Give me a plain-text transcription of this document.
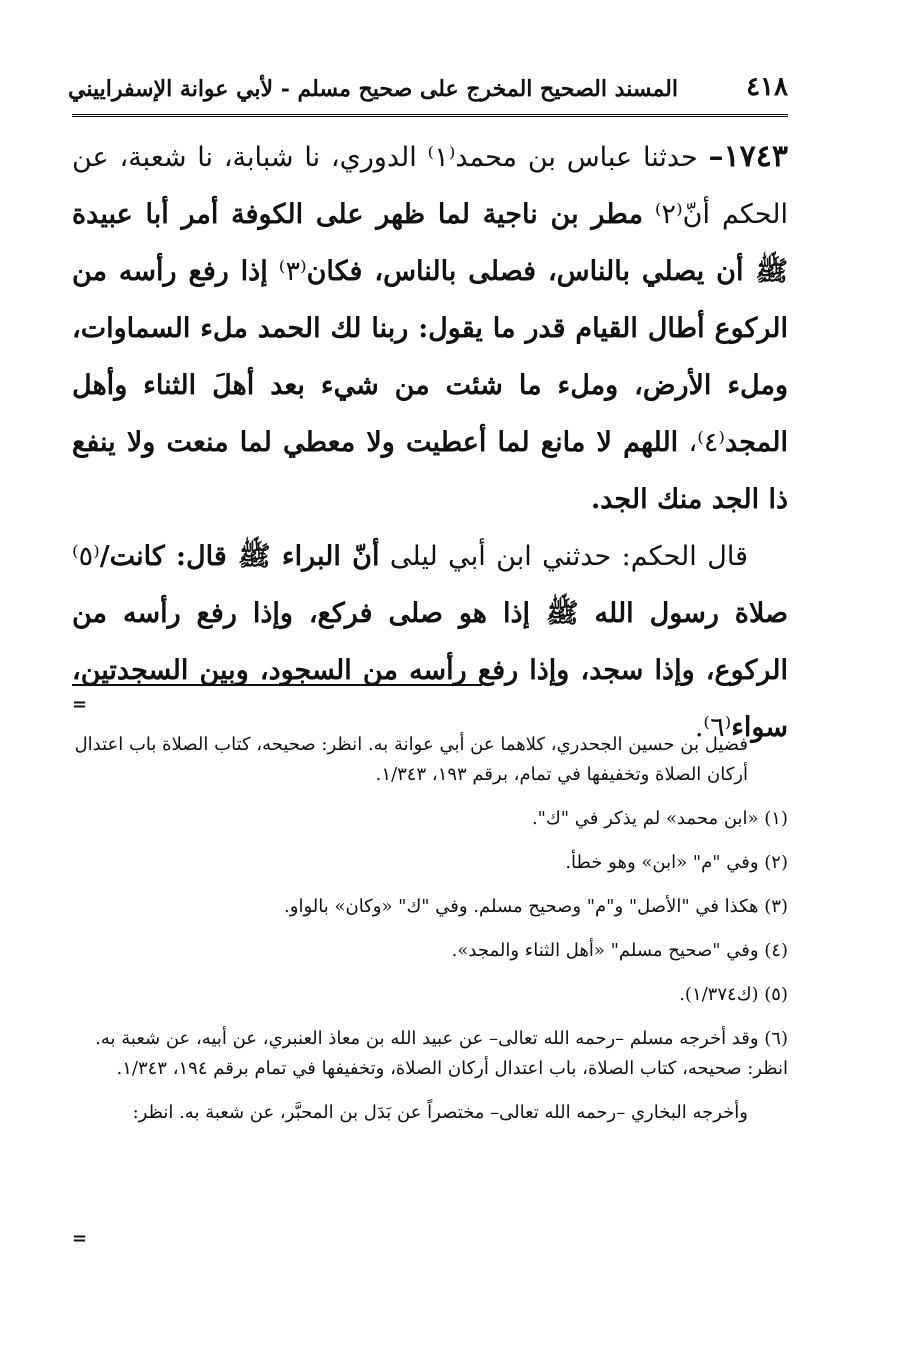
٤١٨
المسند الصحيح المخرج على صحيح مسلم - لأبي عوانة الإسفراييني

١٧٤٣– حدثنا عباس بن محمد⁽١⁾ الدوري، نا شبابة، نا شعبة، عن الحكم أنّ⁽٢⁾ مطر بن ناجية لما ظهر على الكوفة أمر أبا عبيدة ﷺ أن يصلي بالناس، فصلى بالناس، فكان⁽٣⁾ إذا رفع رأسه من الركوع أطال القيام قدر ما يقول: ربنا لك الحمد ملء السماوات، وملء الأرض، وملء ما شئت من شيء بعد أهلَ الثناء وأهل المجد⁽٤⁾، اللهم لا مانع لما أعطيت ولا معطي لما منعت ولا ينفع ذا الجد منك الجد.

قال الحكم: حدثني ابن أبي ليلى أنّ البراء ﷺ قال: كانت/⁽٥⁾ صلاة رسول الله ﷺ إذا هو صلى فركع، وإذا رفع رأسه من الركوع، وإذا سجد، وإذا رفع رأسه من السجود، وبين السجدتين، سواء⁽٦⁾.

=

فضيل بن حسين الجحدري، كلاهما عن أبي عوانة به. انظر: صحيحه، كتاب الصلاة باب اعتدال أركان الصلاة وتخفيفها في تمام، برقم ١٩٣، ١/٣٤٣.

(١) «ابن محمد» لم يذكر في "ك".

(٢) وفي "م" «ابن» وهو خطأ.

(٣) هكذا في "الأصل" و"م" وصحيح مسلم. وفي "ك" «وكان» بالواو.

(٤) وفي "صحيح مسلم" «أهل الثناء والمجد».

(٥) (ك١/٣٧٤).

(٦) وقد أخرجه مسلم –رحمه الله تعالى– عن عبيد الله بن معاذ العنبري، عن أبيه، عن شعبة به. انظر: صحيحه، كتاب الصلاة، باب اعتدال أركان الصلاة، وتخفيفها في تمام برقم ١٩٤، ١/٣٤٣.

وأخرجه البخاري –رحمه الله تعالى– مختصراً عن بَدَل بن المحبَّر، عن شعبة به. انظر:

=
